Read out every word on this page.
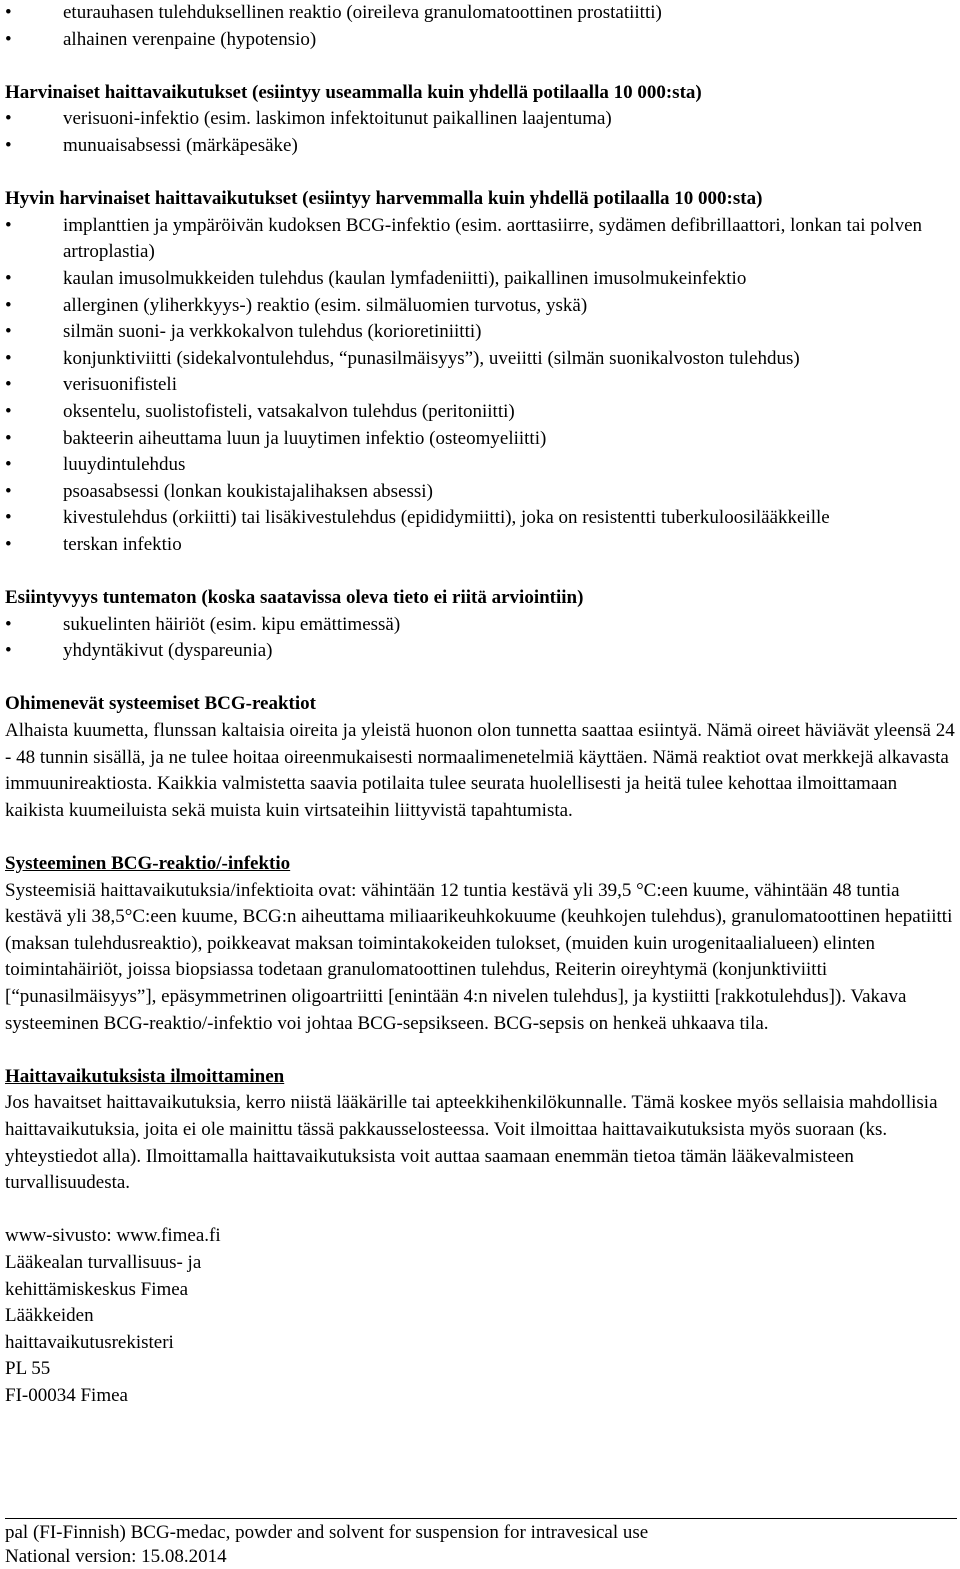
•	eturauhasen tulehduksellinen reaktio (oireileva granulomatoottinen prostatiitti)
•	alhainen verenpaine (hypotensio)
Harvinaiset haittavaikutukset (esiintyy useammalla kuin yhdellä potilaalla 10 000:sta)
•	verisuoni-infektio (esim. laskimon infektoitunut paikallinen laajentuma)
•	munuaisabsessi (märkäpesäke)
Hyvin harvinaiset haittavaikutukset (esiintyy harvemmalla kuin yhdellä potilaalla 10 000:sta)
•	implanttien ja ympäröivän kudoksen BCG-infektio (esim. aorttasiirre, sydämen defibrillaattori, lonkan tai polven artroplastia)
•	kaulan imusolmukkeiden tulehdus (kaulan lymfadeniitti), paikallinen imusolmukeinfektio
•	allerginen (yliherkkyys-) reaktio (esim. silmäluomien turvotus, yskä)
•	silmän suoni- ja verkkokalvon tulehdus (korioretiniitti)
•	konjunktiviitti (sidekalvontulehdus, “punasilmäisyys”), uveiitti (silmän suonikalvoston tulehdus)
•	verisuonifisteli
•	oksentelu, suolistofisteli, vatsakalvon tulehdus (peritoniitti)
•	bakteerin aiheuttama luun ja luuytimen infektio (osteomyeliitti)
•	luuydintulehdus
•	psoasabsessi (lonkan koukistajalihaksen absessi)
•	kivestulehdus (orkiitti) tai lisäkivestulehdus (epididymiitti), joka on resistentti tuberkuloosilääkkeille
•	terskan infektio
Esiintyvyys tuntematon (koska saatavissa oleva tieto ei riitä arviointiin)
•	sukuelinten häiriöt (esim. kipu emättimessä)
•	yhdyntäkivut (dyspareunia)
Ohimenevät systeemiset BCG-reaktiot

Alhaista kuumetta, flunssan kaltaisia oireita ja yleistä huonon olon tunnetta saattaa esiintyä. Nämä oireet häviävät yleensä 24 - 48 tunnin sisällä, ja ne tulee hoitaa oireenmukaisesti normaalimenetelmiä käyttäen. Nämä reaktiot ovat merkkejä alkavasta immuunireaktiosta. Kaikkia valmistetta saavia potilaita tulee seurata huolellisesti ja heitä tulee kehottaa ilmoittamaan kaikista kuumeiluista sekä muista kuin virtsateihin liittyvistä tapahtumista.

Systeeminen BCG-reaktio/-infektio

Systeemisiä haittavaikutuksia/infektioita ovat: vähintään 12 tuntia kestävä yli 39,5 °C:een kuume, vähintään 48 tuntia kestävä yli 38,5°C:een kuume, BCG:n aiheuttama miliaarikeuhkokuume (keuhkojen tulehdus), granulomatoottinen hepatiitti (maksan tulehdusreaktio), poikkeavat maksan toimintakokeiden tulokset, (muiden kuin urogenitaalialueen) elinten toimintahäiriöt, joissa biopsiassa todetaan granulomatoottinen tulehdus, Reiterin oireyhtymä (konjunktiviitti [“punasilmäisyys”], epäsymmetrinen oligoartriitti [enintään 4:n nivelen tulehdus], ja kystiitti [rakkotulehdus]). Vakava systeeminen BCG-reaktio/-infektio voi johtaa BCG-sepsikseen. BCG-sepsis on henkeä uhkaava tila.

Haittavaikutuksista ilmoittaminen

Jos havaitset haittavaikutuksia, kerro niistä lääkärille tai apteekkihenkilökunnalle. Tämä koskee myös sellaisia mahdollisia haittavaikutuksia, joita ei ole mainittu tässä pakkausselosteessa. Voit ilmoittaa haittavaikutuksista myös suoraan (ks. yhteystiedot alla). Ilmoittamalla haittavaikutuksista voit auttaa saamaan enemmän tietoa tämän lääkevalmisteen turvallisuudesta.

www-sivusto: www.fimea.fi
Lääkealan turvallisuus- ja
kehittämiskeskus Fimea
Lääkkeiden
haittavaikutusrekisteri
PL 55
FI-00034 Fimea
pal (FI-Finnish) BCG-medac, powder and solvent for suspension for intravesical use
National version: 15.08.2014
